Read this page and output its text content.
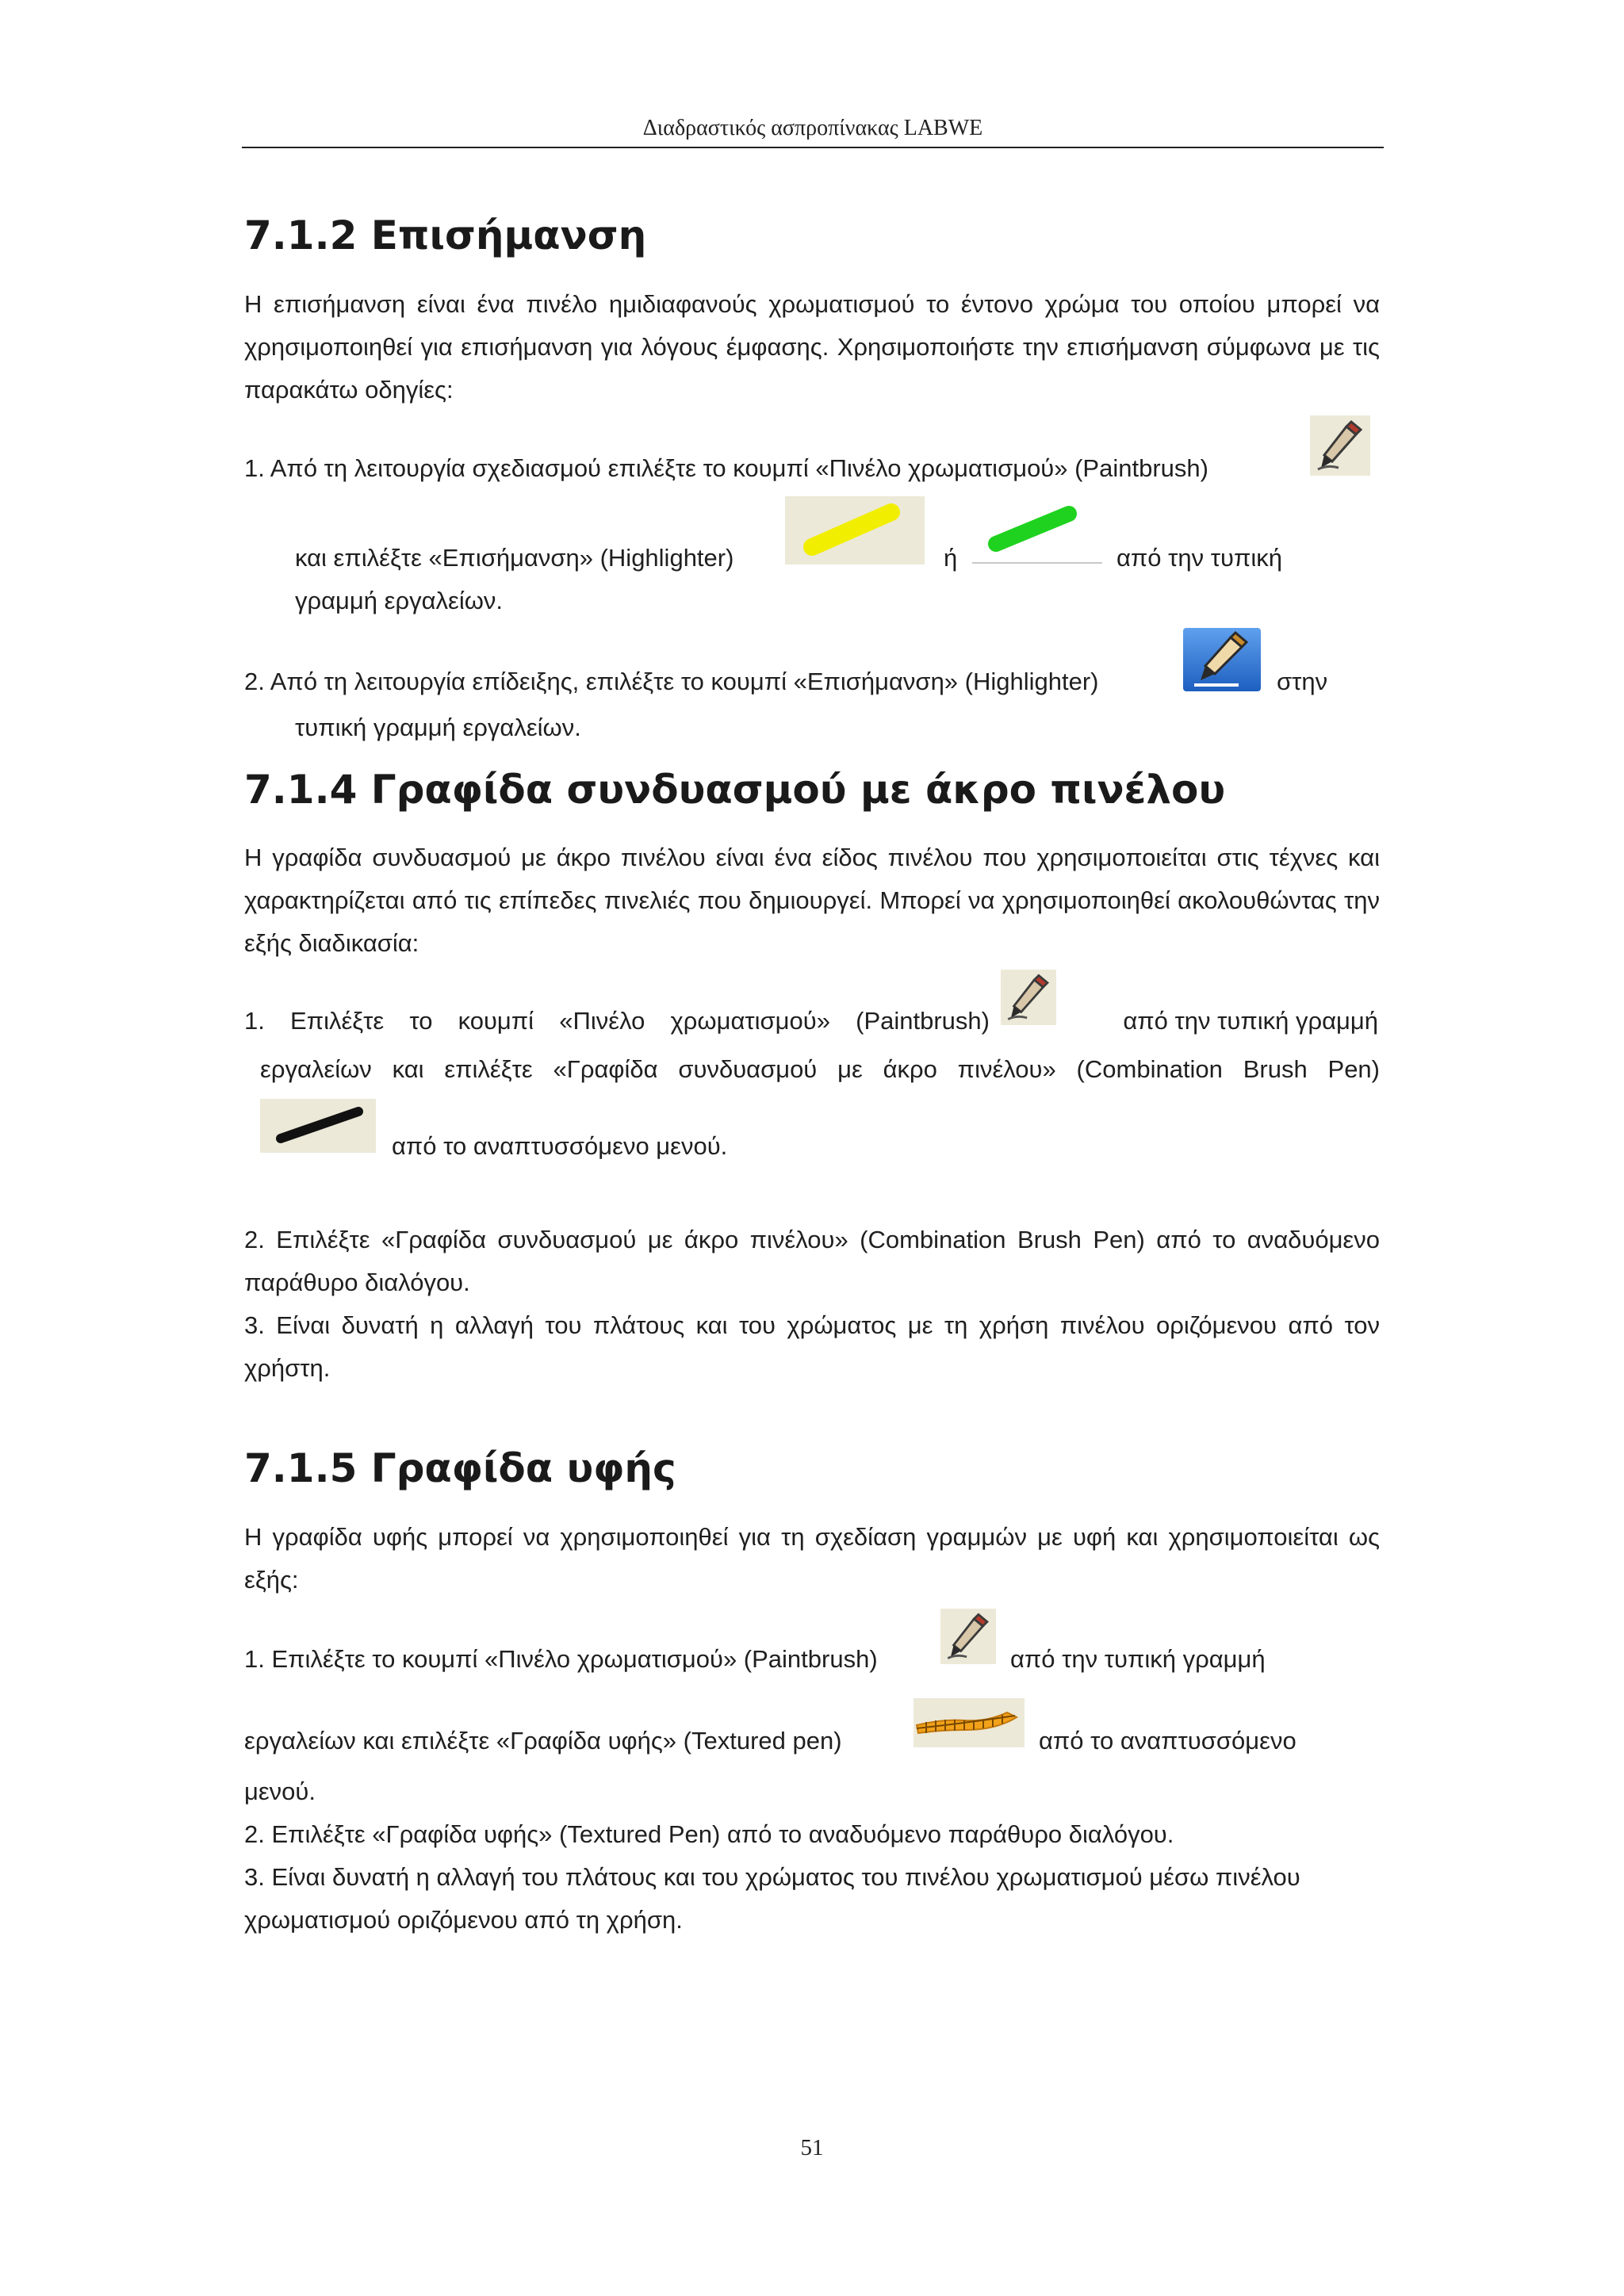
Διαδραστικός ασπροπίνακας LABWE
7.1.2 Επισήμανση

Η επισήμανση είναι ένα πινέλο ημιδιαφανούς χρωματισμού το έντονο χρώμα του οποίου μπορεί να χρησιμοποιηθεί για επισήμανση για λόγους έμφασης. Χρησιμοποιήστε την επισήμανση σύμφωνα με τις παρακάτω οδηγίες:

1. Από τη λειτουργία σχεδιασμού επιλέξτε το κουμπί «Πινέλο χρωματισμού» (Paintbrush)
και επιλέξτε «Επισήμανση» (Highlighter)	ή	από την τυπική
γραμμή εργαλείων.
2. Από τη λειτουργία επίδειξης, επιλέξτε το κουμπί «Επισήμανση» (Highlighter)	στην
τυπική γραμμή εργαλείων.
7.1.4 Γραφίδα συνδυασμού με άκρο πινέλου

Η γραφίδα συνδυασμού με άκρο πινέλου είναι ένα είδος πινέλου που χρησιμοποιείται στις τέχνες και χαρακτηρίζεται από τις επίπεδες πινελιές που δημιουργεί. Μπορεί να χρησιμοποιηθεί ακολουθώντας την εξής διαδικασία:

1. Επιλέξτε το κουμπί «Πινέλο χρωματισμού» (Paintbrush)	από την τυπική γραμμή
εργαλείων και επιλέξτε «Γραφίδα συνδυασμού με άκρο πινέλου» (Combination Brush Pen)
από το αναπτυσσόμενο μενού.

2. Επιλέξτε «Γραφίδα συνδυασμού με άκρο πινέλου» (Combination Brush Pen) από το αναδυόμενο παράθυρο διαλόγου.

3. Είναι δυνατή η αλλαγή του πλάτους και του χρώματος με τη χρήση πινέλου οριζόμενου από τον χρήστη.

7.1.5 Γραφίδα υφής

Η γραφίδα υφής μπορεί να χρησιμοποιηθεί για τη σχεδίαση γραμμών με υφή και χρησιμοποιείται ως εξής:

1. Επιλέξτε το κουμπί «Πινέλο χρωματισμού» (Paintbrush)	από την τυπική γραμμή
εργαλείων και επιλέξτε «Γραφίδα υφής» (Textured pen)	από το αναπτυσσόμενο
μενού.
2. Επιλέξτε «Γραφίδα υφής» (Textured Pen) από το αναδυόμενο παράθυρο διαλόγου.

3. Είναι δυνατή η αλλαγή του πλάτους και του χρώματος του πινέλου χρωματισμού μέσω πινέλου χρωματισμού οριζόμενου από τη χρήση.

51
